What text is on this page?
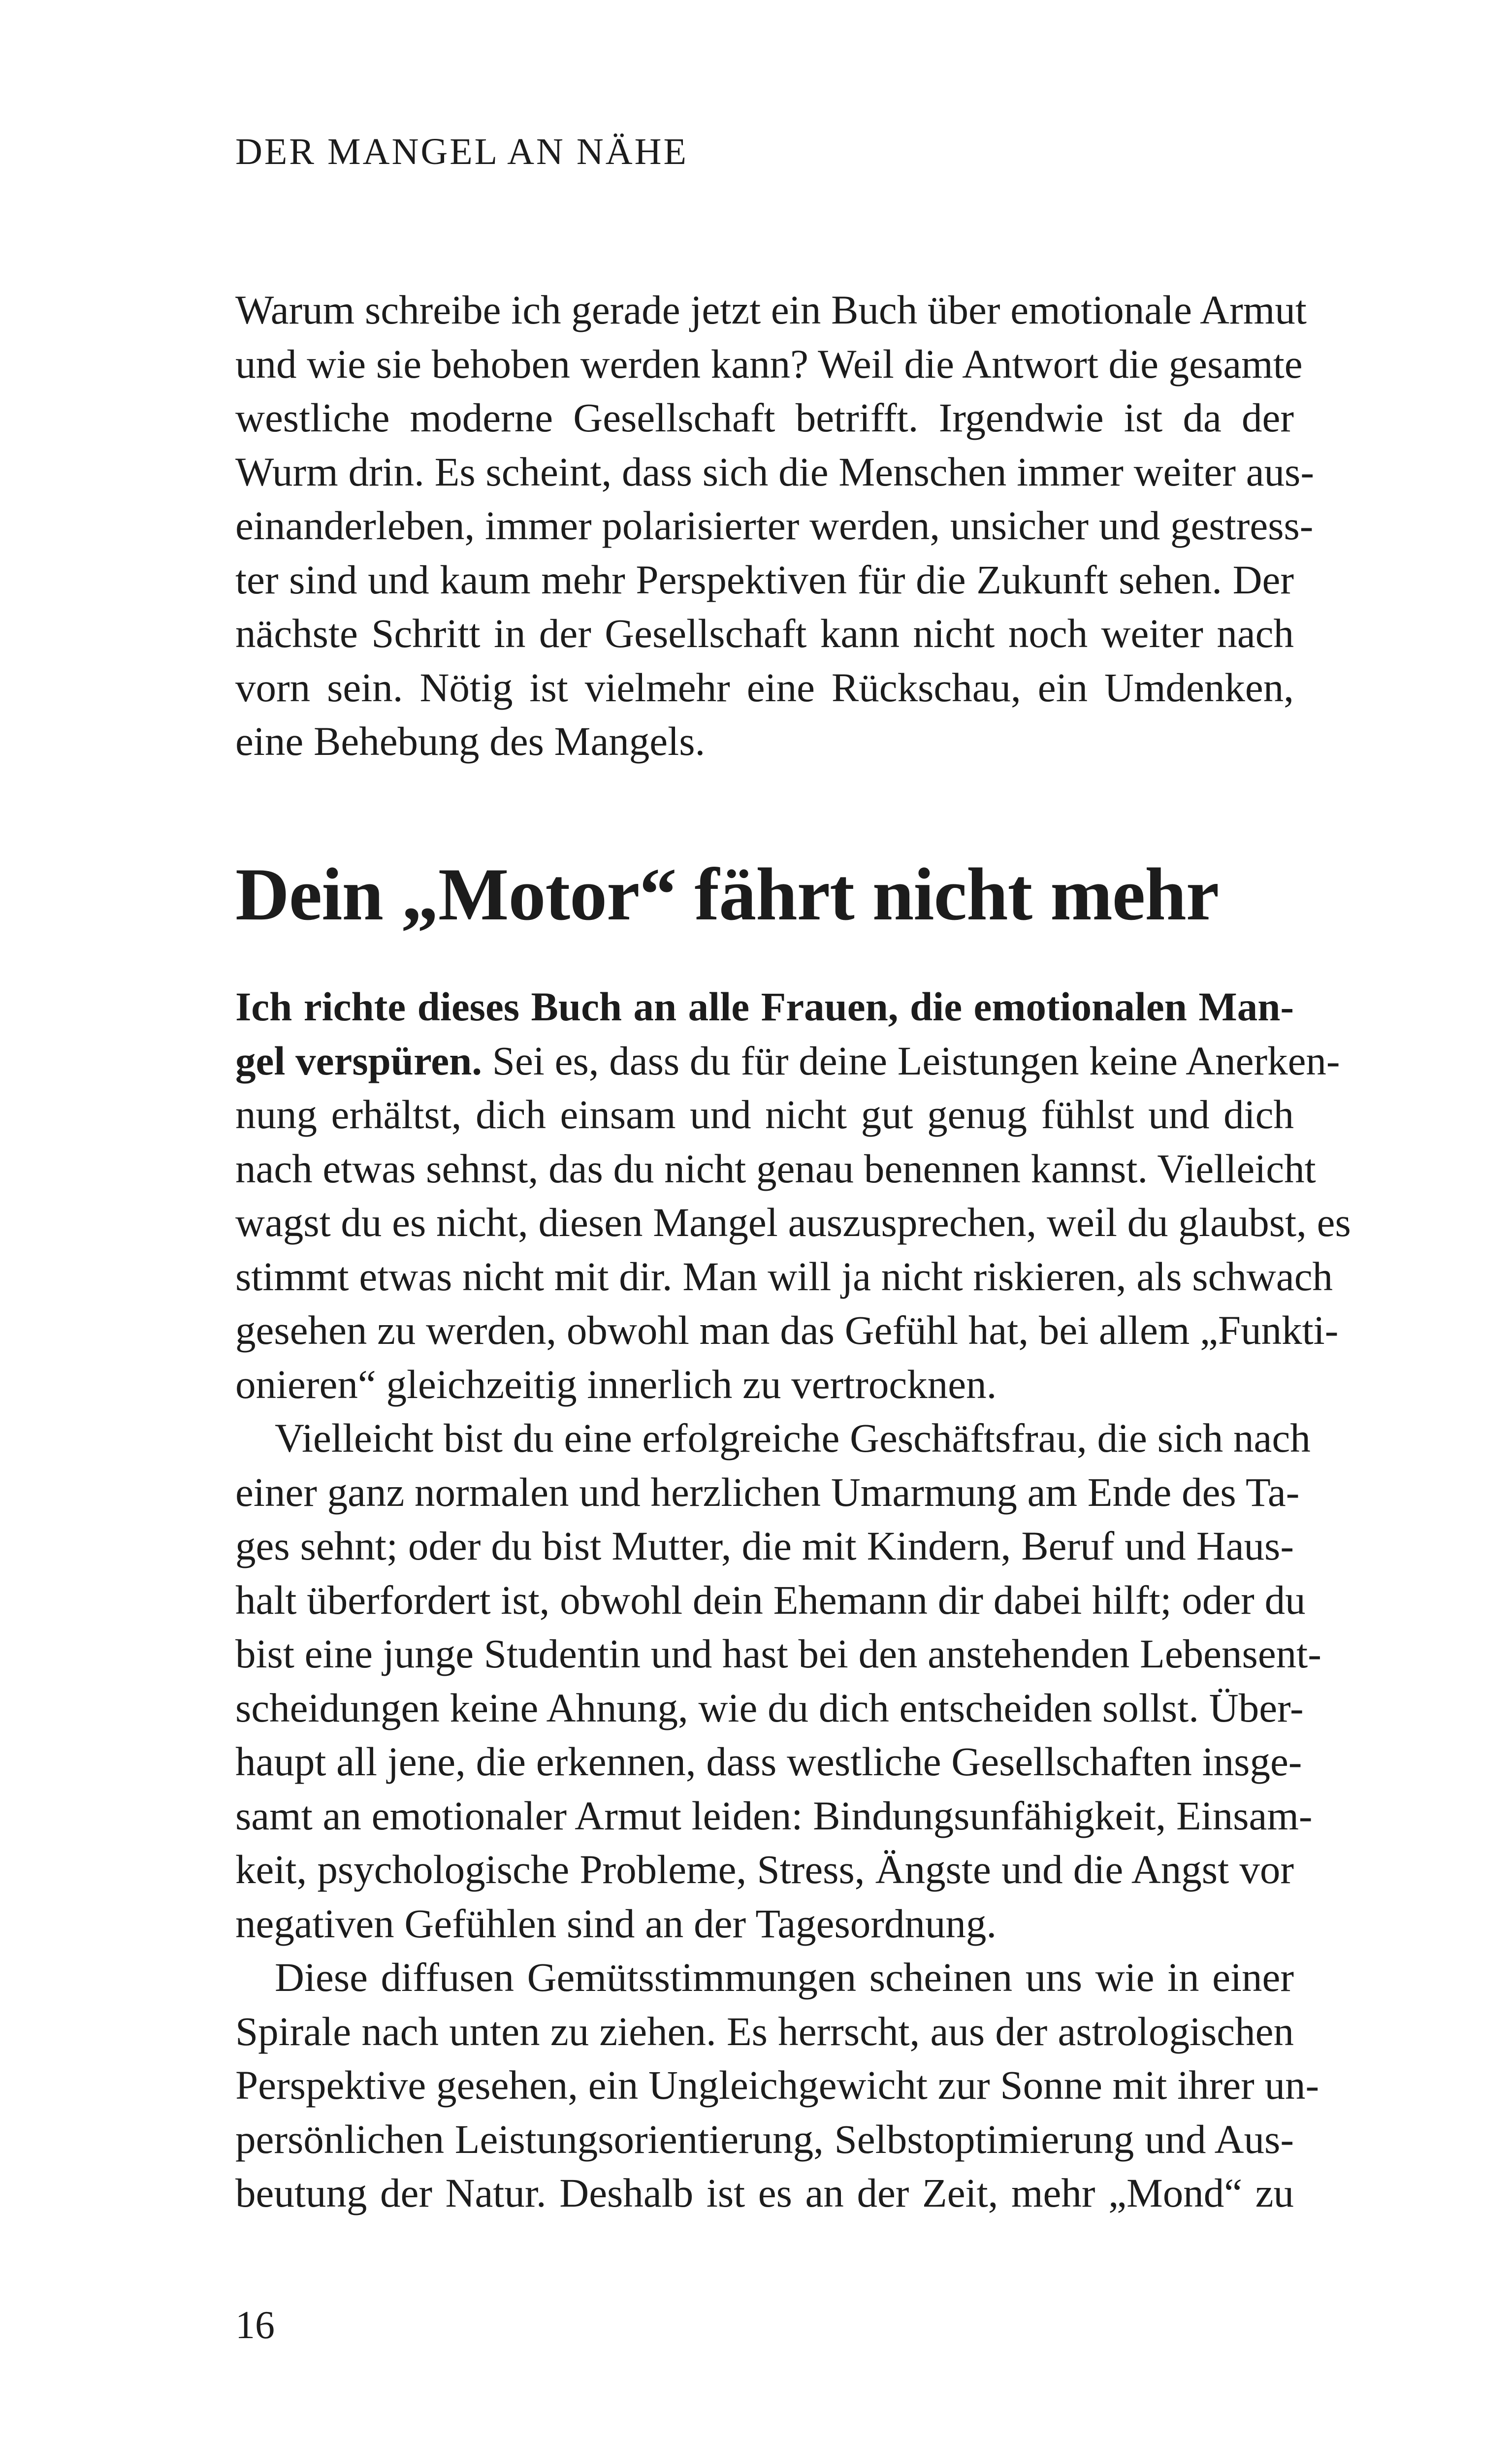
DER MANGEL AN NÄHE
Warum schreibe ich gerade jetzt ein Buch über emotionale Armut
und wie sie behoben werden kann? Weil die Antwort die gesamte
westliche moderne Gesellschaft betrifft. Irgendwie ist da der
Wurm drin. Es scheint, dass sich die Menschen immer weiter aus-
einanderleben, immer polarisierter werden, unsicher und gestress-
ter sind und kaum mehr Perspektiven für die Zukunft sehen. Der
nächste Schritt in der Gesellschaft kann nicht noch weiter nach
vorn sein. Nötig ist vielmehr eine Rückschau, ein Umdenken,
eine Behebung des Mangels.
Dein „Motor“ fährt nicht mehr
Ich richte dieses Buch an alle Frauen, die emotionalen Man-
gel verspüren. Sei es, dass du für deine Leistungen keine Anerken-
nung erhältst, dich einsam und nicht gut genug fühlst und dich
nach etwas sehnst, das du nicht genau benennen kannst. Vielleicht
wagst du es nicht, diesen Mangel auszusprechen, weil du glaubst, es
stimmt etwas nicht mit dir. Man will ja nicht riskieren, als schwach
gesehen zu werden, obwohl man das Gefühl hat, bei allem „Funkti-
onieren“ gleichzeitig innerlich zu vertrocknen.
Vielleicht bist du eine erfolgreiche Geschäftsfrau, die sich nach
einer ganz normalen und herzlichen Umarmung am Ende des Ta-
ges sehnt; oder du bist Mutter, die mit Kindern, Beruf und Haus-
halt überfordert ist, obwohl dein Ehemann dir dabei hilft; oder du
bist eine junge Studentin und hast bei den anstehenden Lebensent-
scheidungen keine Ahnung, wie du dich entscheiden sollst. Über-
haupt all jene, die erkennen, dass westliche Gesellschaften insge-
samt an emotionaler Armut leiden: Bindungsunfähigkeit, Einsam-
keit, psychologische Probleme, Stress, Ängste und die Angst vor
negativen Gefühlen sind an der Tagesordnung.
Diese diffusen Gemütsstimmungen scheinen uns wie in einer
Spirale nach unten zu ziehen. Es herrscht, aus der astrologischen
Perspektive gesehen, ein Ungleichgewicht zur Sonne mit ihrer un-
persönlichen Leistungsorientierung, Selbstoptimierung und Aus-
beutung der Natur. Deshalb ist es an der Zeit, mehr „Mond“ zu
16
